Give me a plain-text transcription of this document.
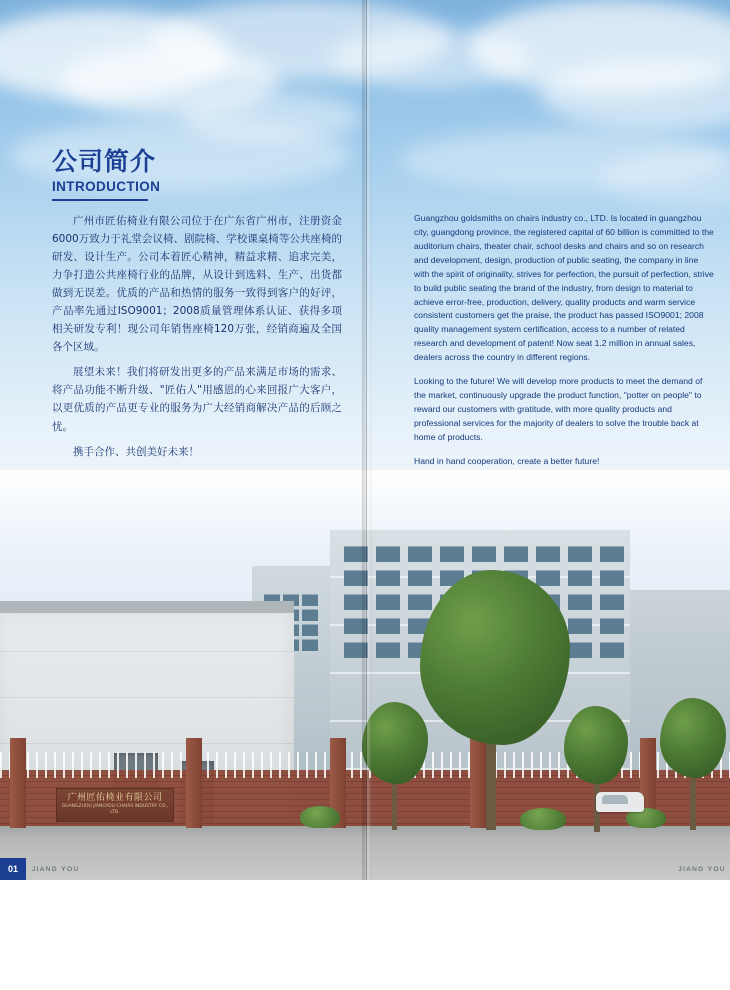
公司简介
INTRODUCTION

广州市匠佑椅业有限公司位于在广东省广州市，注册资金6000万致力于礼堂会议椅、剧院椅、学校课桌椅等公共座椅的研发、设计生产。公司本着匠心精神，精益求精、追求完美，力争打造公共座椅行业的品牌，从设计到选料、生产、出货都做到无误差。优质的产品和热情的服务一致得到客户的好评，产品率先通过ISO9001；2008质量管理体系认证、获得多项相关研发专利！现公司年销售座椅120万张，经销商遍及全国各个区域。

展望未来！我们将研发出更多的产品来满足市场的需求、将产品功能不断升级、"匠佑人"用感恩的心来回报广大客户，以更优质的产品更专业的服务为广大经销商解决产品的后顾之忧。

携手合作、共创美好未来！

Guangzhou goldsmiths on chairs industry co., LTD. Is located in guangzhou city, guangdong province, the registered capital of 60 billion is committed to the auditorium chairs, theater chair, school desks and chairs and so on research and development, design, production of public seating, the company in line with the spirit of originality, strives for perfection, the pursuit of perfection, strive to build public seating the brand of the industry, from design to material to achieve error-free, production, delivery, quality products and warm service consistent customers get the praise, the product has passed ISO9001; 2008 quality management system certification, access to a number of related research and development of patent! Now seat 1.2 million in annual sales, dealers across the country in different regions.

Looking to the future! We will develop more products to meet the demand of the market, continuously upgrade the product function, "potter on people" to reward our customers with gratitude, with more quality products and professional services for the majority of dealers to solve the trouble back at home of products.

Hand in hand cooperation, create a better future!

广州匠佑椅业有限公司
GUANGZHOU JIANGYOU CHAIRS INDUSTRY CO., LTD.
01	JIANG YOU	JIANG YOU
